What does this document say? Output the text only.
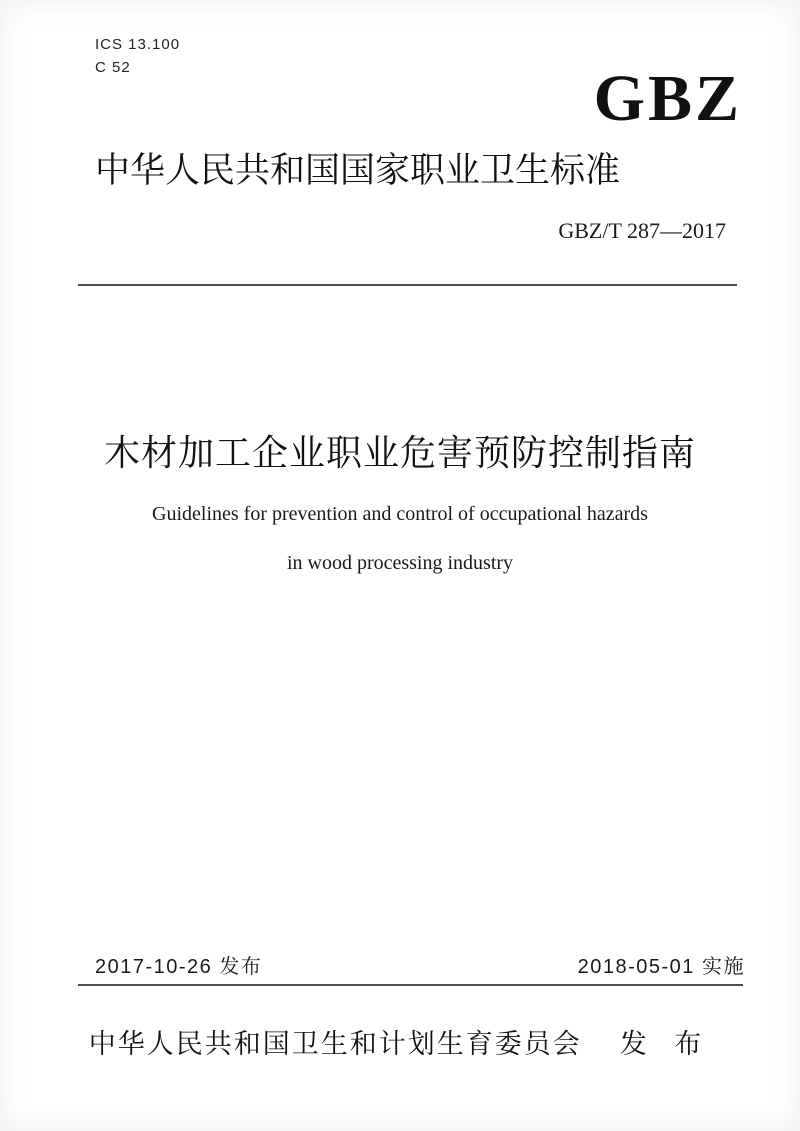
ICS 13.100
C 52	GBZ
中华人民共和国国家职业卫生标准
GBZ/T 287—2017
木材加工企业职业危害预防控制指南
Guidelines for prevention and control of occupational hazards
in wood processing industry
2017-10-26 发布	2018-05-01 实施
中华人民共和国卫生和计划生育委员会 发 布
